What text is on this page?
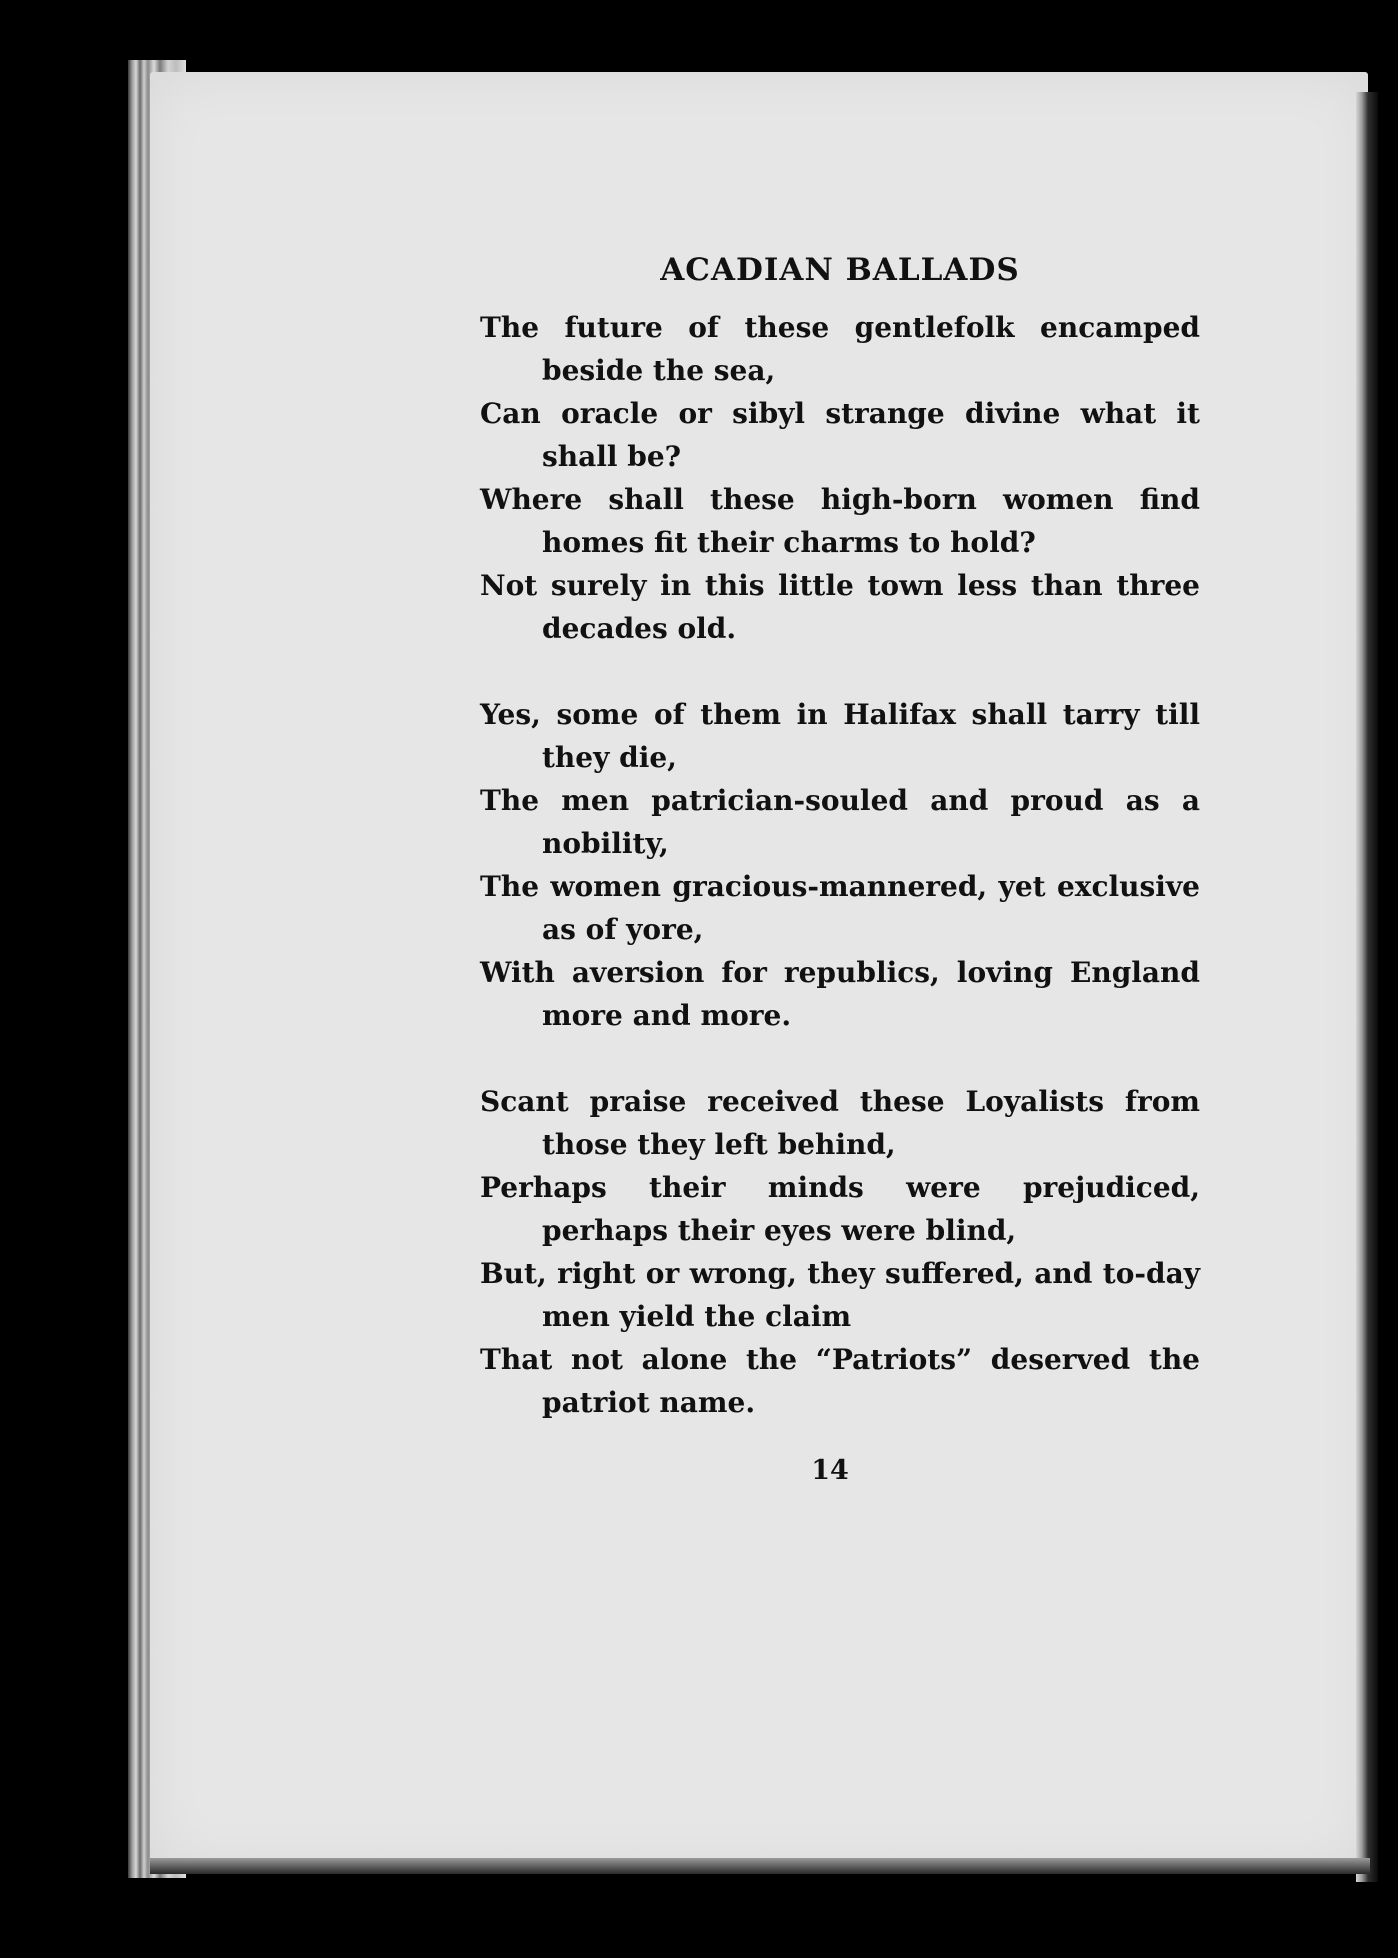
ACADIAN BALLADS
The future of these gentlefolk encamped beside the sea,
Can oracle or sibyl strange divine what it shall be?
Where shall these high-born women find homes fit their charms to hold?
Not surely in this little town less than three decades old.
Yes, some of them in Halifax shall tarry till they die,
The men patrician-souled and proud as a nobility,
The women gracious-mannered, yet exclusive as of yore,
With aversion for republics, loving England more and more.
Scant praise received these Loyalists from those they left behind,
Perhaps their minds were prejudiced, perhaps their eyes were blind,
But, right or wrong, they suffered, and to-day men yield the claim
That not alone the “Patriots” deserved the patriot name.
14
